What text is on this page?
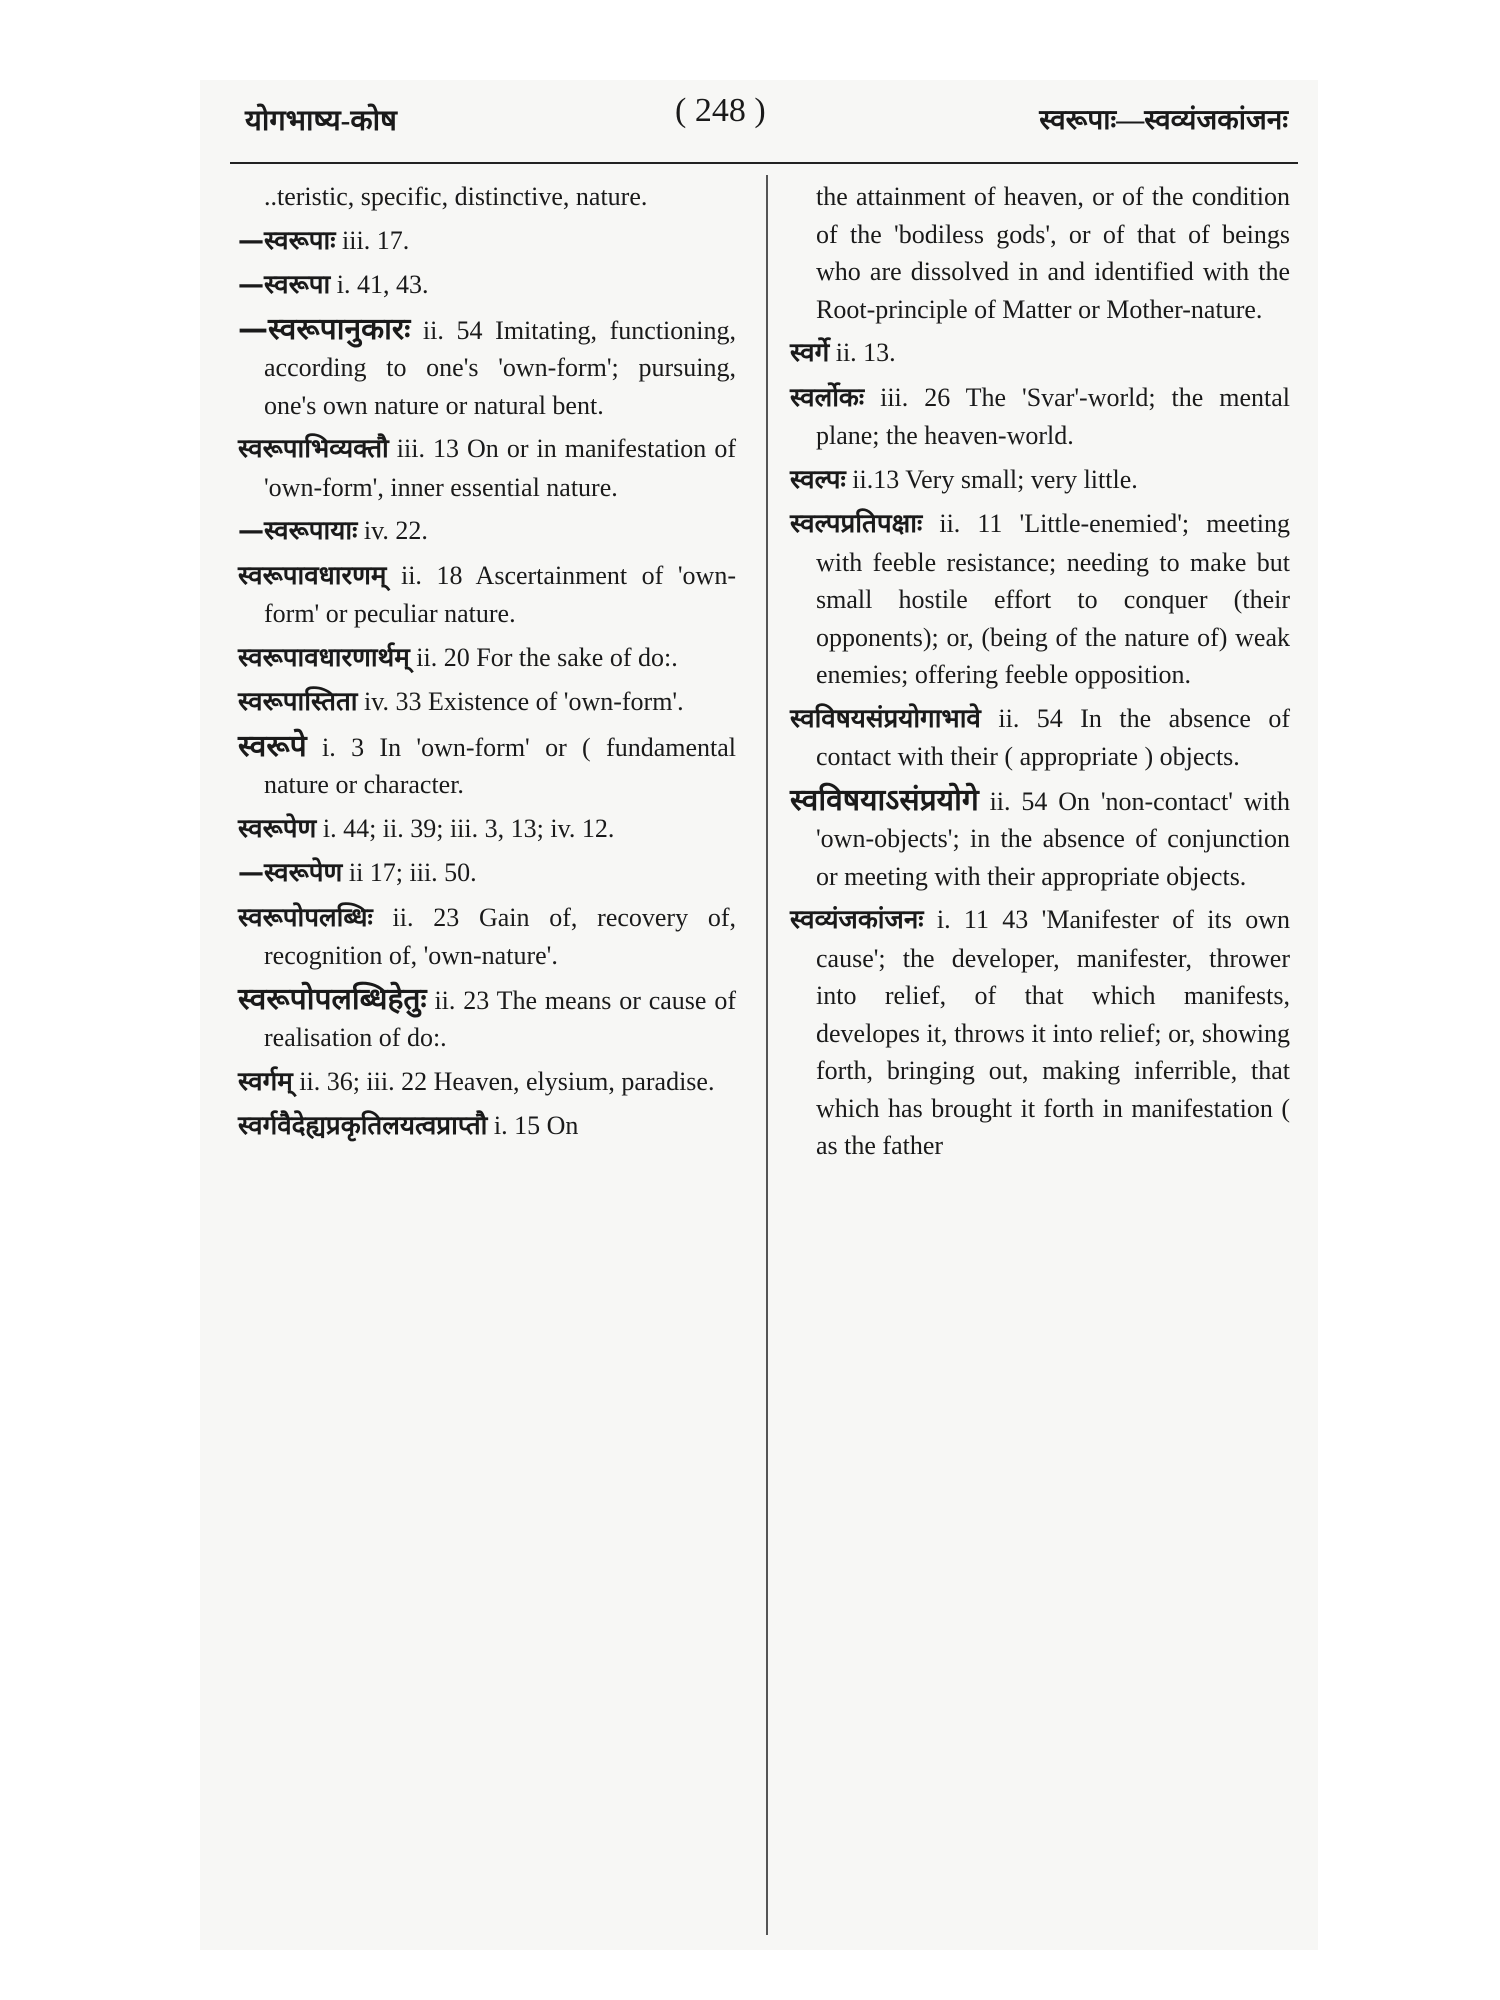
योगभाष्य-कोष	( 248 )	स्वरूपाः—स्वव्यंजकांजनः

..teristic, specific, distinctive, nature.

—स्वरूपाः iii. 17.

—स्वरूपा i. 41, 43.

—स्वरूपानुकारः ii. 54 Imitating, functioning, according to one's 'own-form'; pursuing, one's own nature or natural bent.

स्वरूपाभिव्यक्तौ iii. 13 On or in manifestation of 'own-form', inner essential nature.

—स्वरूपायाः iv. 22.

स्वरूपावधारणम् ii. 18 Ascertainment of 'own-form' or peculiar nature.

स्वरूपावधारणार्थम् ii. 20 For the sake of do:.

स्वरूपास्तिता iv. 33 Existence of 'own-form'.

स्वरूपे i. 3 In 'own-form' or ( fundamental nature or character.

स्वरूपेण i. 44; ii. 39; iii. 3, 13; iv. 12.

—स्वरूपेण ii 17; iii. 50.

स्वरूपोपलब्धिः ii. 23 Gain of, recovery of, recognition of, 'own-nature'.

स्वरूपोपलब्धिहेतुः ii. 23 The means or cause of realisation of do:.

स्वर्गम् ii. 36; iii. 22 Heaven, elysium, paradise.

स्वर्गवैदेह्यप्रकृतिलयत्वप्राप्तौ i. 15 On

the attainment of heaven, or of the condition of the 'bodiless gods', or of that of beings who are dissolved in and identified with the Root-principle of Matter or Mother-nature.

स्वर्गे ii. 13.

स्वर्लोकः iii. 26 The 'Svar'-world; the mental plane; the heaven-world.

स्वल्पः ii.13 Very small; very little.

स्वल्पप्रतिपक्षाः ii. 11 'Little-enemied'; meeting with feeble resistance; needing to make but small hostile effort to conquer (their opponents); or, (being of the nature of) weak enemies; offering feeble opposition.

स्वविषयसंप्रयोगाभावे ii. 54 In the absence of contact with their ( appropriate ) objects.

स्वविषयाऽसंप्रयोगे ii. 54 On 'non-contact' with 'own-objects'; in the absence of conjunction or meeting with their appropriate objects.

स्वव्यंजकांजनः i. 11 43 'Manifester of its own cause'; the developer, manifester, thrower into relief, of that which manifests, developes it, throws it into relief; or, showing forth, bringing out, making inferrible, that which has brought it forth in manifestation ( as the father
